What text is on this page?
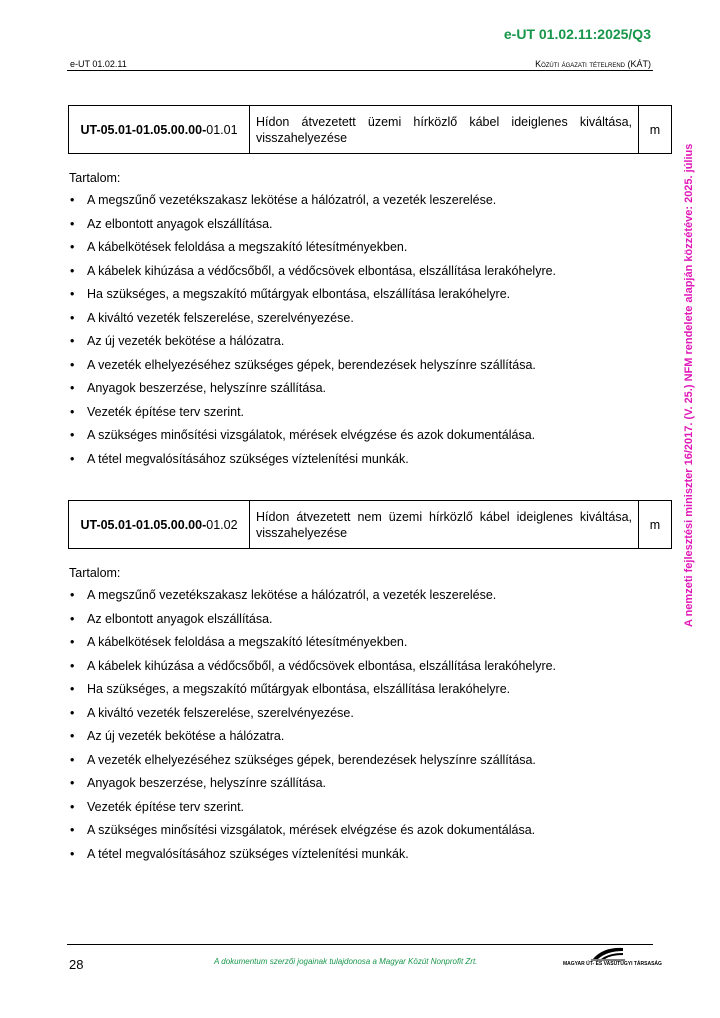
e-UT 01.02.11:2025/Q3
e-UT 01.02.11	Közúti ágazati tételrend (KÁT)
UT-05.01-01.05.00.00-01.01	Hídon átvezetett üzemi hírközlő kábel ideiglenes kiváltása, visszahelyezése	m
Tartalom:
• A megszűnő vezetékszakasz lekötése a hálózatról, a vezeték leszerelése.
• Az elbontott anyagok elszállítása.
• A kábelkötések feloldása a megszakító létesítményekben.
• A kábelek kihúzása a védőcsőből, a védőcsövek elbontása, elszállítása lerakóhelyre.
• Ha szükséges, a megszakító műtárgyak elbontása, elszállítása lerakóhelyre.
• A kiváltó vezeték felszerelése, szerelvényezése.
• Az új vezeték bekötése a hálózatra.
• A vezeték elhelyezéséhez szükséges gépek, berendezések helyszínre szállítása.
• Anyagok beszerzése, helyszínre szállítása.
• Vezeték építése terv szerint.
• A szükséges minősítési vizsgálatok, mérések elvégzése és azok dokumentálása.
• A tétel megvalósításához szükséges víztelenítési munkák.
UT-05.01-01.05.00.00-01.02	Hídon átvezetett nem üzemi hírközlő kábel ideiglenes kiváltása, visszahelyezése	m
Tartalom:
• A megszűnő vezetékszakasz lekötése a hálózatról, a vezeték leszerelése.
• Az elbontott anyagok elszállítása.
• A kábelkötések feloldása a megszakító létesítményekben.
• A kábelek kihúzása a védőcsőből, a védőcsövek elbontása, elszállítása lerakóhelyre.
• Ha szükséges, a megszakító műtárgyak elbontása, elszállítása lerakóhelyre.
• A kiváltó vezeték felszerelése, szerelvényezése.
• Az új vezeték bekötése a hálózatra.
• A vezeték elhelyezéséhez szükséges gépek, berendezések helyszínre szállítása.
• Anyagok beszerzése, helyszínre szállítása.
• Vezeték építése terv szerint.
• A szükséges minősítési vizsgálatok, mérések elvégzése és azok dokumentálása.
• A tétel megvalósításához szükséges víztelenítési munkák.
A nemzeti fejlesztési miniszter 16/2017. (V. 25.) NFM rendelete alapján közzétéve: 2025. július
28	A dokumentum szerzői jogainak tulajdonosa a Magyar Közút Nonprofit Zrt.	MAGYAR ÚT- ÉS VASÚTÜGYI TÁRSASÁG
